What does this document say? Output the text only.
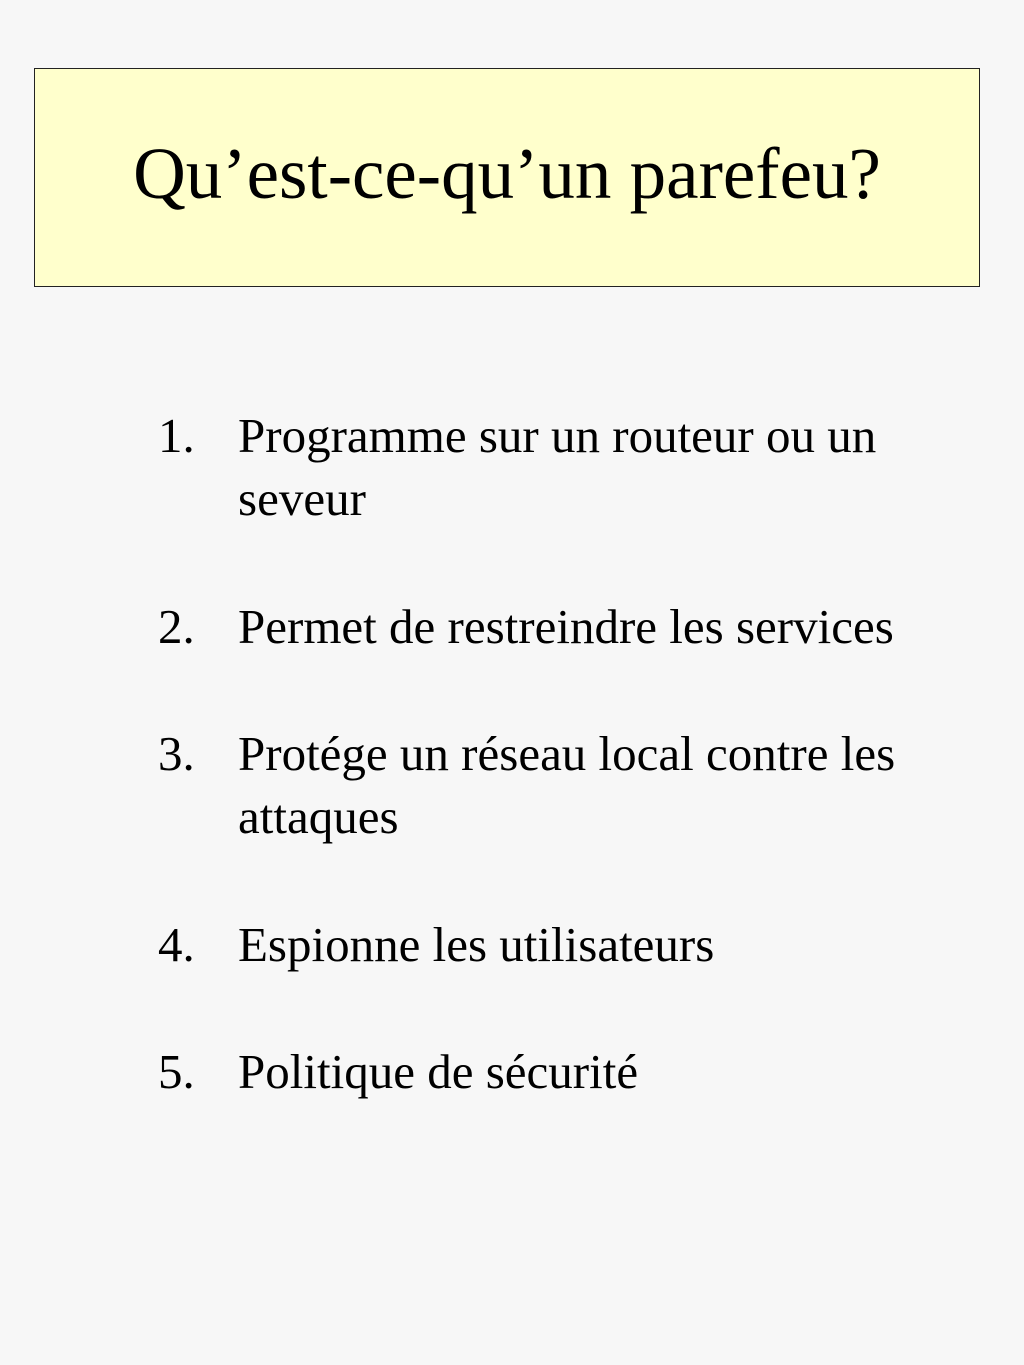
Qu’est-ce-qu’un parefeu?
1. Programme sur un routeur ou un seveur
2. Permet de restreindre les services
3. Protége un réseau local contre les attaques
4. Espionne les utilisateurs
5. Politique de sécurité
